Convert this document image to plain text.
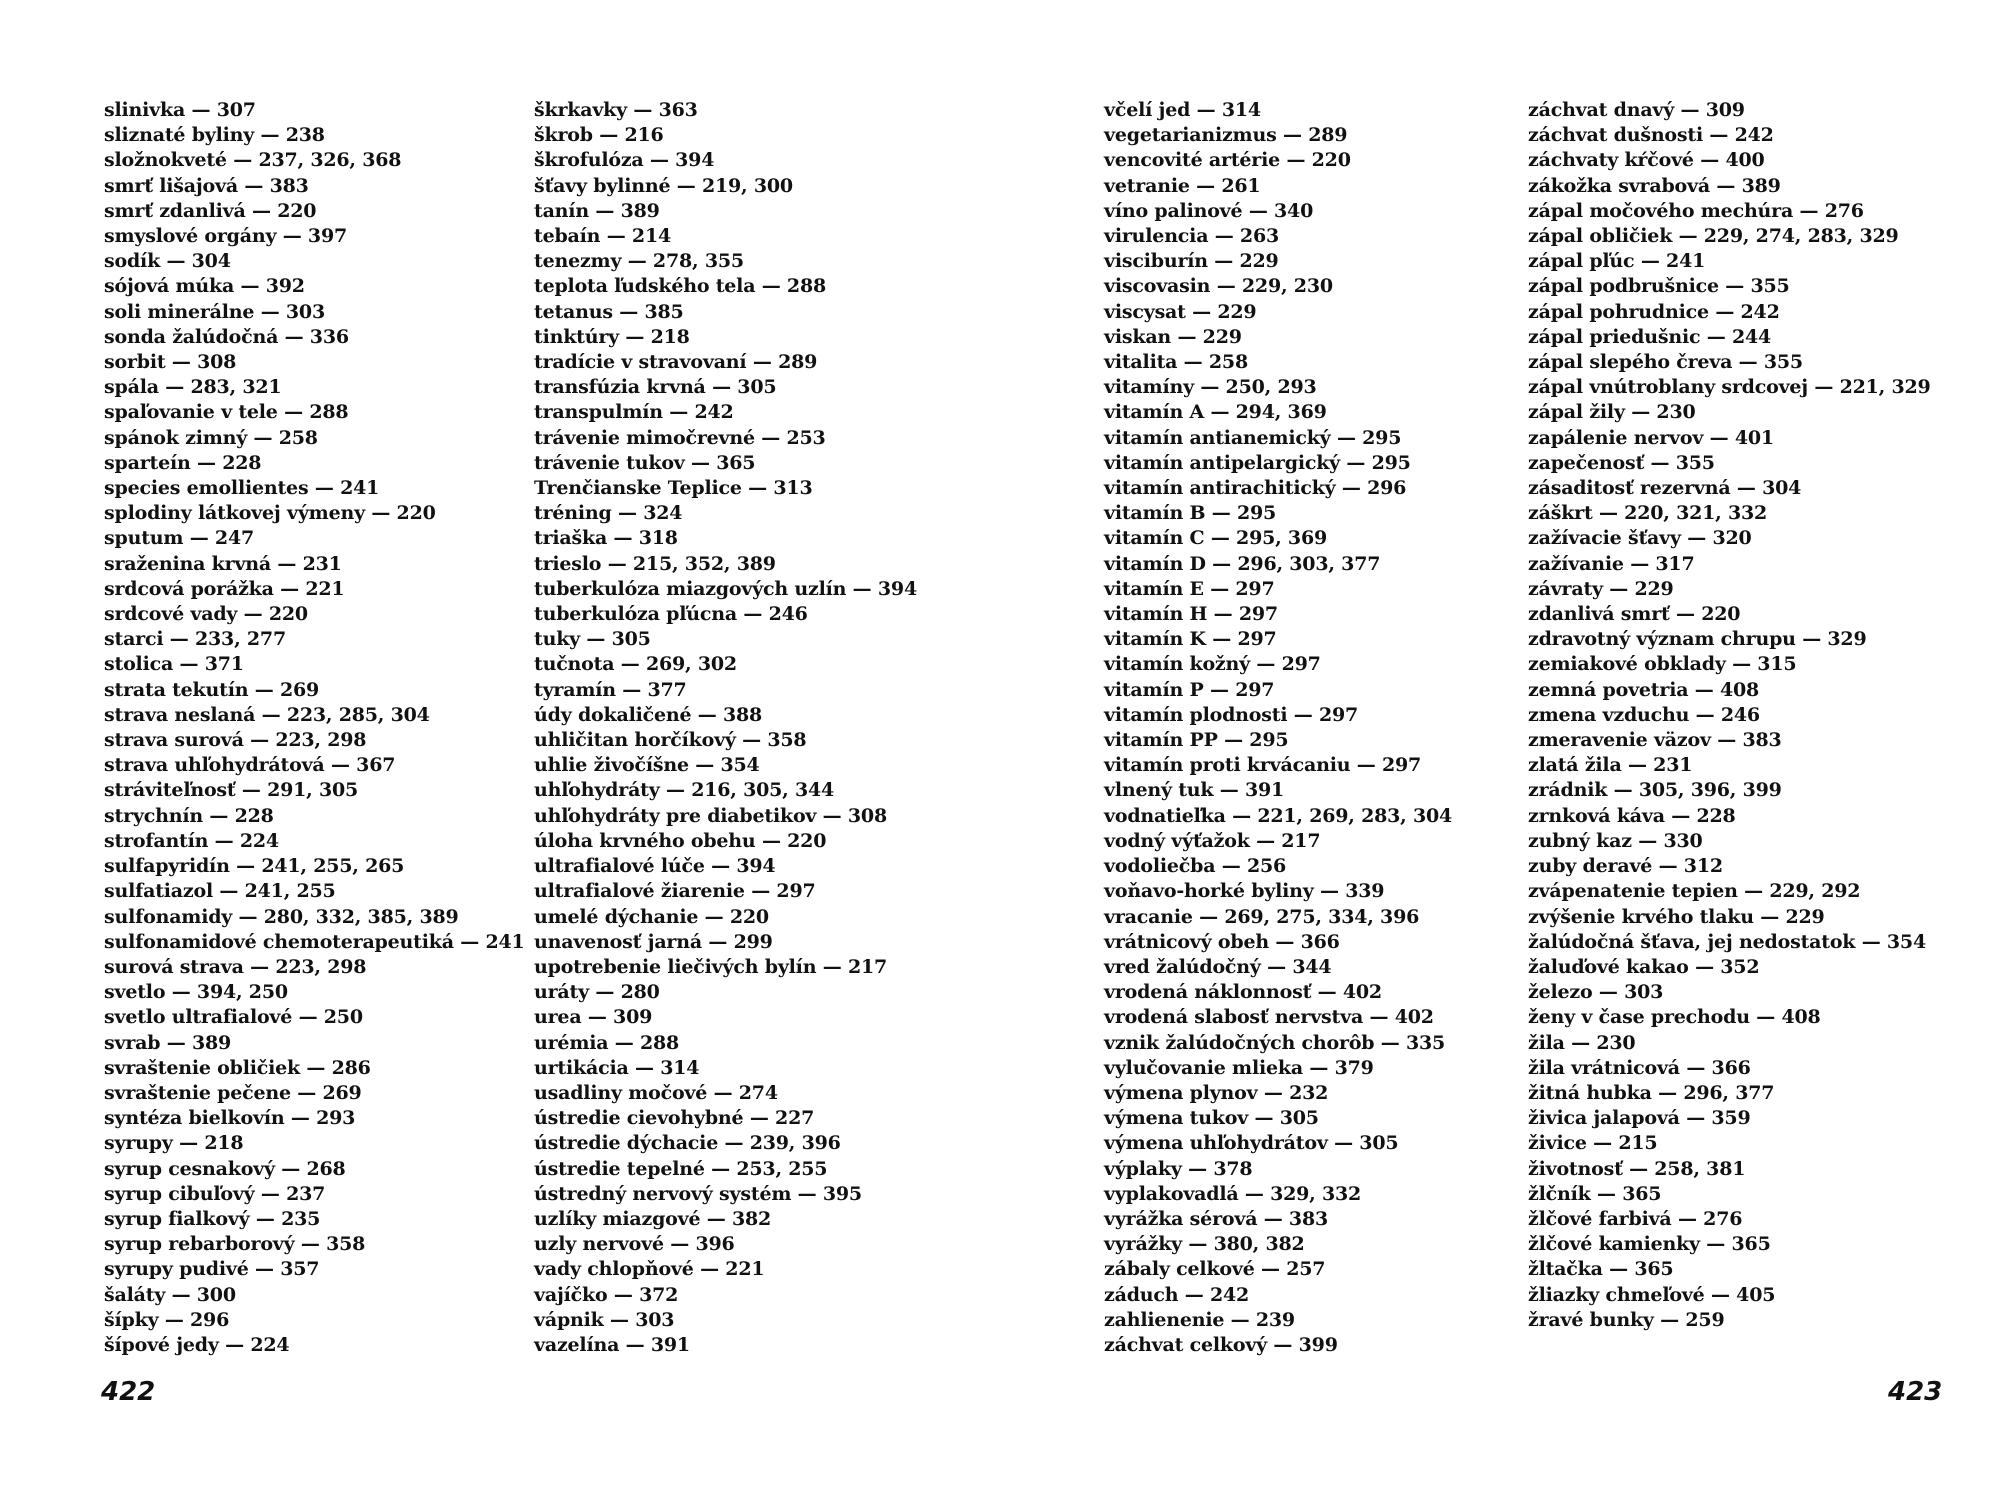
slinivka — 307
sliznaté byliny — 238
složnokveté — 237, 326, 368
smrť lišajová — 383
smrť zdanlivá — 220
smyslové orgány — 397
sodík — 304
sójová múka — 392
soli minerálne — 303
sonda žalúdočná — 336
sorbit — 308
spála — 283, 321
spaľovanie v tele — 288
spánok zimný — 258
sparteín — 228
species emollientes — 241
splodiny látkovej výmeny — 220
sputum — 247
sraženina krvná — 231
srdcová porážka — 221
srdcové vady — 220
starci — 233, 277
stolica — 371
strata tekutín — 269
strava neslaná — 223, 285, 304
strava surová — 223, 298
strava uhľohydrátová — 367
stráviteľnosť — 291, 305
strychnín — 228
strofantín — 224
sulfapyridín — 241, 255, 265
sulfatiazol — 241, 255
sulfonamidy — 280, 332, 385, 389
sulfonamidové chemoterapeutiká — 241
surová strava — 223, 298
svetlo — 394, 250
svetlo ultrafialové — 250
svrab — 389
svraštenie obličiek — 286
svraštenie pečene — 269
syntéza bielkovín — 293
syrupy — 218
syrup cesnakový — 268
syrup cibuľový — 237
syrup fialkový — 235
syrup rebarborový — 358
syrupy pudivé — 357
šaláty — 300
šípky — 296
šípové jedy — 224
škrkavky — 363
škrob — 216
škrofulóza — 394
šťavy bylinné — 219, 300
tanín — 389
tebaín — 214
tenezmy — 278, 355
teplota ľudského tela — 288
tetanus — 385
tinktúry — 218
tradície v stravovaní — 289
transfúzia krvná — 305
transpulmín — 242
trávenie mimočrevné — 253
trávenie tukov — 365
Trenčianske Teplice — 313
tréning — 324
triaška — 318
trieslo — 215, 352, 389
tuberkulóza miazgových uzlín — 394
tuberkulóza pľúcna — 246
tuky — 305
tučnota — 269, 302
tyramín — 377
údy dokaličené — 388
uhličitan horčíkový — 358
uhlie živočíšne — 354
uhľohydráty — 216, 305, 344
uhľohydráty pre diabetikov — 308
úloha krvného obehu — 220
ultrafialové lúče — 394
ultrafialové žiarenie — 297
umelé dýchanie — 220
unavenosť jarná — 299
upotrebenie liečivých bylín — 217
uráty — 280
urea — 309
urémia — 288
urtikácia — 314
usadliny močové — 274
ústredie cievohybné — 227
ústredie dýchacie — 239, 396
ústredie tepelné — 253, 255
ústredný nervový systém — 395
uzlíky miazgové — 382
uzly nervové — 396
vady chlopňové — 221
vajíčko — 372
vápnik — 303
vazelína — 391
včelí jed — 314
vegetarianizmus — 289
vencovité artérie — 220
vetranie — 261
víno palinové — 340
virulencia — 263
visciburín — 229
viscovasin — 229, 230
viscysat — 229
viskan — 229
vitalita — 258
vitamíny — 250, 293
vitamín A — 294, 369
vitamín antianemický — 295
vitamín antipelargický — 295
vitamín antirachitický — 296
vitamín B — 295
vitamín C — 295, 369
vitamín D — 296, 303, 377
vitamín E — 297
vitamín H — 297
vitamín K — 297
vitamín kožný — 297
vitamín P — 297
vitamín plodnosti — 297
vitamín PP — 295
vitamín proti krvácaniu — 297
vlnený tuk — 391
vodnatieľka — 221, 269, 283, 304
vodný výťažok — 217
vodoliečba — 256
voňavo-horké byliny — 339
vracanie — 269, 275, 334, 396
vrátnicový obeh — 366
vred žalúdočný — 344
vrodená náklonnosť — 402
vrodená slabosť nervstva — 402
vznik žalúdočných chorôb — 335
vylučovanie mlieka — 379
výmena plynov — 232
výmena tukov — 305
výmena uhľohydrátov — 305
výplaky — 378
vyplakovadlá — 329, 332
vyrážka sérová — 383
vyrážky — 380, 382
zábaly celkové — 257
záduch — 242
zahlienenie — 239
záchvat celkový — 399
záchvat dnavý — 309
záchvat dušnosti — 242
záchvaty kŕčové — 400
zákožka svrabová — 389
zápal močového mechúra — 276
zápal obličiek — 229, 274, 283, 329
zápal pľúc — 241
zápal podbrušnice — 355
zápal pohrudnice — 242
zápal priedušnic — 244
zápal slepého čreva — 355
zápal vnútroblany srdcovej — 221, 329
zápal žily — 230
zapálenie nervov — 401
zapečenosť — 355
zásaditosť rezervná — 304
záškrt — 220, 321, 332
zažívacie šťavy — 320
zažívanie — 317
závraty — 229
zdanlivá smrť — 220
zdravotný význam chrupu — 329
zemiakové obklady — 315
zemná povetria — 408
zmena vzduchu — 246
zmeravenie väzov — 383
zlatá žila — 231
zrádnik — 305, 396, 399
zrnková káva — 228
zubný kaz — 330
zuby deravé — 312
zvápenatenie tepien — 229, 292
zvýšenie krvého tlaku — 229
žalúdočná šťava, jej nedostatok — 354
žaluďové kakao — 352
železo — 303
ženy v čase prechodu — 408
žila — 230
žila vrátnicová — 366
žitná hubka — 296, 377
živica jalapová — 359
živice — 215
životnosť — 258, 381
žlčník — 365
žlčové farbivá — 276
žlčové kamienky — 365
žltačka — 365
žliazky chmeľové — 405
žravé bunky — 259
422	423
